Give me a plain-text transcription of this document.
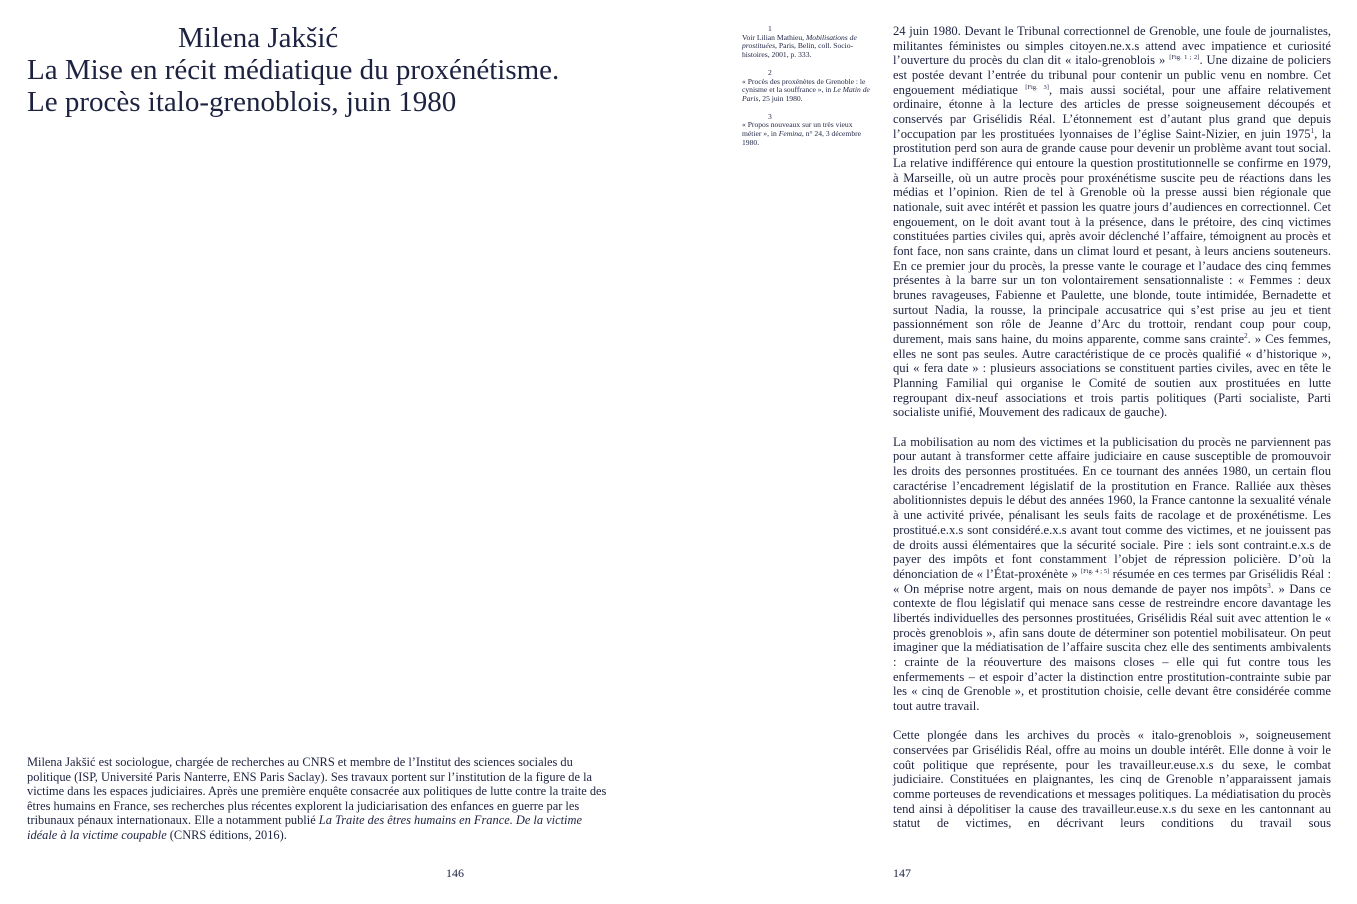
Milena Jakšić
La Mise en récit médiatique du proxénétisme.
Le procès italo-grenoblois, juin 1980
Milena Jakšić est sociologue, chargée de recherches au CNRS et membre de l’Institut des sciences sociales du politique (ISP, Université Paris Nanterre, ENS Paris Saclay). Ses travaux portent sur l’institution de la figure de la victime dans les espaces judiciaires. Après une première enquête consacrée aux politiques de lutte contre la traite des êtres humains en France, ses recherches plus récentes explorent la judiciarisation des enfances en guerre par les tribunaux pénaux internationaux. Elle a notamment publié La Traite des êtres humains en France. De la victime idéale à la victime coupable (CNRS éditions, 2016).
146
1
Voir Lilian Mathieu, Mobilisations de prostituées, Paris, Belin, coll. Socio-histoires, 2001, p. 333.
2
« Procès des proxénètes de Grenoble : le cynisme et la souffrance », in Le Matin de Paris, 25 juin 1980.
3
« Propos nouveaux sur un très vieux métier », in Femina, n° 24, 3 décembre 1980.

24 juin 1980. Devant le Tribunal correctionnel de Grenoble, une foule de journalistes, militantes féministes ou simples citoyen.ne.x.s attend avec impatience et curiosité l’ouverture du procès du clan dit « italo-grenoblois » [Fig. 1 ; 2]. Une dizaine de policiers est postée devant l’entrée du tribunal pour contenir un public venu en nombre. Cet engouement médiatique [Fig. 3], mais aussi sociétal, pour une affaire relativement ordinaire, étonne à la lecture des articles de presse soigneusement découpés et conservés par Grisélidis Réal. L’étonnement est d’autant plus grand que depuis l’occupation par les prostituées lyonnaises de l’église Saint-Nizier, en juin 1975$^1$, la prostitution perd son aura de grande cause pour devenir un problème avant tout social. La relative indifférence qui entoure la question prostitutionnelle se confirme en 1979, à Marseille, où un autre procès pour proxénétisme suscite peu de réactions dans les médias et l’opinion. Rien de tel à Grenoble où la presse aussi bien régionale que nationale, suit avec intérêt et passion les quatre jours d’audiences en correctionnel. Cet engouement, on le doit avant tout à la présence, dans le prétoire, des cinq victimes constituées parties civiles qui, après avoir déclenché l’affaire, témoignent au procès et font face, non sans crainte, dans un climat lourd et pesant, à leurs anciens souteneurs. En ce premier jour du procès, la presse vante le courage et l’audace des cinq femmes présentes à la barre sur un ton volontairement sensationnaliste : « Femmes : deux brunes ravageuses, Fabienne et Paulette, une blonde, toute intimidée, Bernadette et surtout Nadia, la rousse, la principale accusatrice qui s’est prise au jeu et tient passionnément son rôle de Jeanne d’Arc du trottoir, rendant coup pour coup, durement, mais sans haine, du moins apparente, comme sans crainte$^2$. » Ces femmes, elles ne sont pas seules. Autre caractéristique de ce procès qualifié « d’historique », qui « fera date » : plusieurs associations se constituent parties civiles, avec en tête le Planning Familial qui organise le Comité de soutien aux prostituées en lutte regroupant dix-neuf associations et trois partis politiques (Parti socialiste, Parti socialiste unifié, Mouvement des radicaux de gauche).

La mobilisation au nom des victimes et la publicisation du procès ne parviennent pas pour autant à transformer cette affaire judiciaire en cause susceptible de promouvoir les droits des personnes prostituées. En ce tournant des années 1980, un certain flou caractérise l’encadrement législatif de la prostitution en France. Ralliée aux thèses abolitionnistes depuis le début des années 1960, la France cantonne la sexualité vénale à une activité privée, pénalisant les seuls faits de racolage et de proxénétisme. Les prostitué.e.x.s sont considéré.e.x.s avant tout comme des victimes, et ne jouissent pas de droits aussi élémentaires que la sécurité sociale. Pire : iels sont contraint.e.x.s de payer des impôts et font constamment l’objet de répression policière. D’où la dénonciation de « l’État-proxénète » [Fig. 4 ; 5] résumée en ces termes par Grisélidis Réal : « On méprise notre argent, mais on nous demande de payer nos impôts$^3$. » Dans ce contexte de flou législatif qui menace sans cesse de restreindre encore davantage les libertés individuelles des personnes prostituées, Grisélidis Réal suit avec attention le « procès grenoblois », afin sans doute de déterminer son potentiel mobilisateur. On peut imaginer que la médiatisation de l’affaire suscita chez elle des sentiments ambivalents : crainte de la réouverture des maisons closes – elle qui fut contre tous les enfermements – et espoir d’acter la distinction entre prostitution-contrainte subie par les « cinq de Grenoble », et prostitution choisie, celle devant être considérée comme tout autre travail.

Cette plongée dans les archives du procès « italo-grenoblois », soigneusement conservées par Grisélidis Réal, offre au moins un double intérêt. Elle donne à voir le coût politique que représente, pour les travailleur.euse.x.s du sexe, le combat judiciaire. Constituées en plaignantes, les cinq de Grenoble n’apparaissent jamais comme porteuses de revendications et messages politiques. La médiatisation du procès tend ainsi à dépolitiser la cause des travailleur.euse.x.s du sexe en les cantonnant au statut de victimes, en décrivant leurs conditions du travail sous

147
